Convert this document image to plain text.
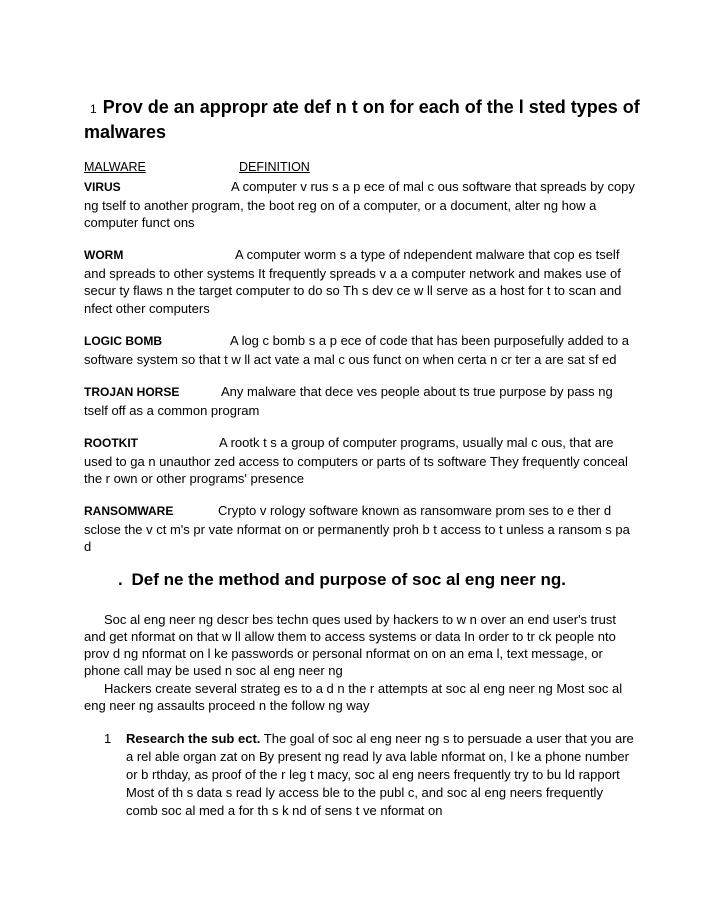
1 Prov de an appropr ate def n t on for each of the l sted types of malwares
MALWARE	DEFINITION
VIRUS	A computer v rus s a p ece of mal c ous software that spreads by copy ng tself to another program, the boot reg on of a computer, or a document, alter ng how a computer funct ons
WORM	A computer worm s a type of ndependent malware that cop es tself and spreads to other systems It frequently spreads v a a computer network and makes use of secur ty flaws n the target computer to do so Th s dev ce w ll serve as a host for t to scan and nfect other computers
LOGIC BOMB	A log c bomb s a p ece of code that has been purposefully added to a software system so that t w ll act vate a mal c ous funct on when certa n cr ter a are sat sf ed
TROJAN HORSE	Any malware that dece ves people about ts true purpose by pass ng tself off as a common program
ROOTKIT	A rootk t s a group of computer programs, usually mal c ous, that are used to ga n unauthor zed access to computers or parts of ts software They frequently conceal the r own or other programs' presence
RANSOMWARE	Crypto v rology software known as ransomware prom ses to e ther d sclose the v ct m's pr vate nformat on or permanently proh b t access to t unless a ransom s pa d
. Def ne the method and purpose of soc al eng neer ng.
Soc al eng neer ng descr bes techn ques used by hackers to w n over an end user's trust and get nformat on that w ll allow them to access systems or data In order to tr ck people nto prov d ng nformat on l ke passwords or personal nformat on on an ema l, text message, or phone call may be used n soc al eng neer ng
Hackers create several strateg es to a d n the r attempts at soc al eng neer ng Most soc al eng neer ng assaults proceed n the follow ng way
1 Research the sub ect. The goal of soc al eng neer ng s to persuade a user that you are a rel able organ zat on By present ng read ly ava lable nformat on, l ke a phone number or b rthday, as proof of the r leg t macy, soc al eng neers frequently try to bu ld rapport Most of th s data s read ly access ble to the publ c, and soc al eng neers frequently comb soc al med a for th s k nd of sens t ve nformat on
